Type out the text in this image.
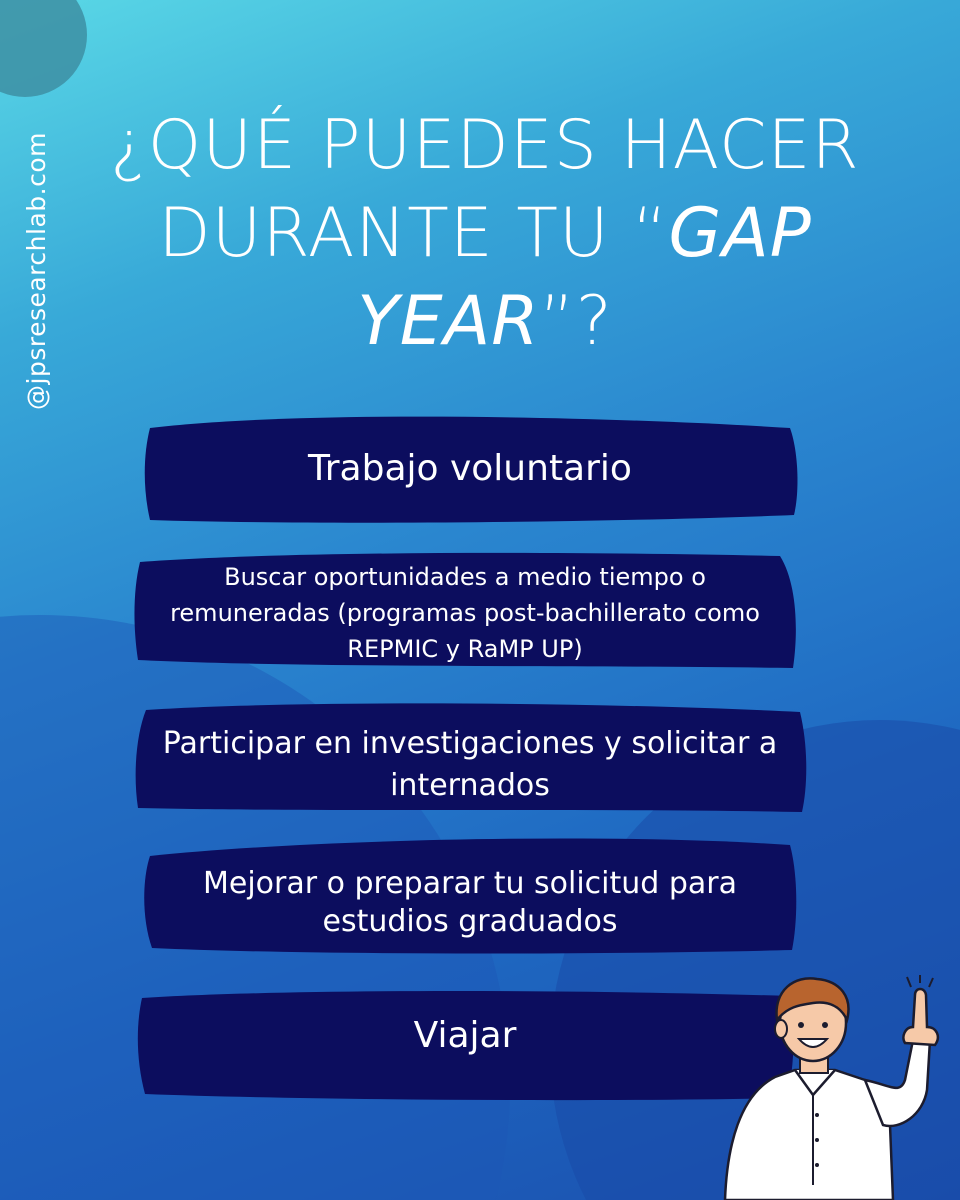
@jpsresearchlab.com ¿QUÉ PUEDES HACER
DURANTE TU “GAP
YEAR”?
Trabajo voluntario
Buscar oportunidades a medio tiempo o remuneradas (programas post-bachillerato como REPMIC y RaMP UP)
Participar en investigaciones y solicitar a internados
Mejorar o preparar tu solicitud para estudios graduados
Viajar
